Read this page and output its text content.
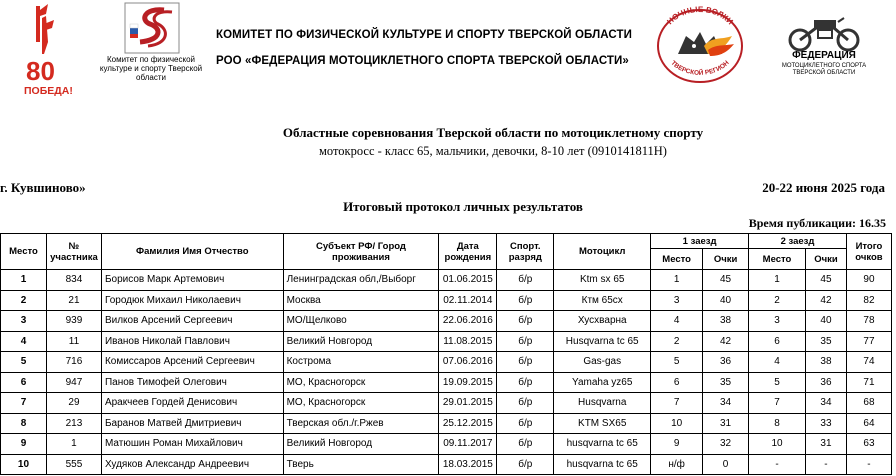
80
ПОБЕДА!
Комитет по физической культуре и спорту Тверской области
КОМИТЕТ ПО ФИЗИЧЕСКОЙ КУЛЬТУРЕ И СПОРТУ ТВЕРСКОЙ ОБЛАСТИ
РОО «ФЕДЕРАЦИЯ МОТОЦИКЛЕТНОГО СПОРТА ТВЕРСКОЙ ОБЛАСТИ»
НОЧНЫЕ ВОЛКИ
ТВЕРСКОЙ РЕГИОН
ФЕДЕРАЦИЯ
МОТОЦИКЛЕТНОГО СПОРТА ТВЕРСКОЙ ОБЛАСТИ
Областные соревнования Тверской области по мотоциклетному спорту
мотокросс - класс 65, мальчики, девочки, 8-10 лет (0910141811Н)
г. Кувшиново»	20-22 июня 2025 года
Итоговый протокол личных результатов
Время публикации: 16.35
Место	№ участника	Фамилия Имя Отчество	Субъект РФ/ Город проживания	Дата рождения	Спорт. разряд	Мотоцикл	1 заезд		2 заезд		Итого очков
							Место	Очки	Место	Очки	
1	834	Борисов Марк Артемович	Ленинградская обл,/Выборг	01.06.2015	б/р	Ktm sx 65	1	45	1	45	90
2	21	Городюк Михаил Николаевич	Москва	02.11.2014	б/р	Ктм 65сх	3	40	2	42	82
3	939	Вилков Арсений Сергеевич	МО/Щелково	22.06.2016	б/р	Хусхварна	4	38	3	40	78
4	11	Иванов Николай Павлович	Великий Новгород	11.08.2015	б/р	Husqvarna tc 65	2	42	6	35	77
5	716	Комиссаров Арсений Сергеевич	Кострома	07.06.2016	б/р	Gas-gas	5	36	4	38	74
6	947	Панов Тимофей Олегович	МО, Красногорск	19.09.2015	б/р	Yamaha yz65	6	35	5	36	71
7	29	Аракчеев Гордей Денисович	МО, Красногорск	29.01.2015	б/р	Husqvarna	7	34	7	34	68
8	213	Баранов Матвей Дмитриевич	Тверская обл./г.Ржев	25.12.2015	б/р	KTM SX65	10	31	8	33	64
9	1	Матюшин Роман Михайлович	Великий Новгород	09.11.2017	б/р	husqvarna tc 65	9	32	10	31	63
10	555	Худяков Александр Андреевич	Тверь	18.03.2015	б/р	husqvarna tc 65	н/ф	0	-	-	-
